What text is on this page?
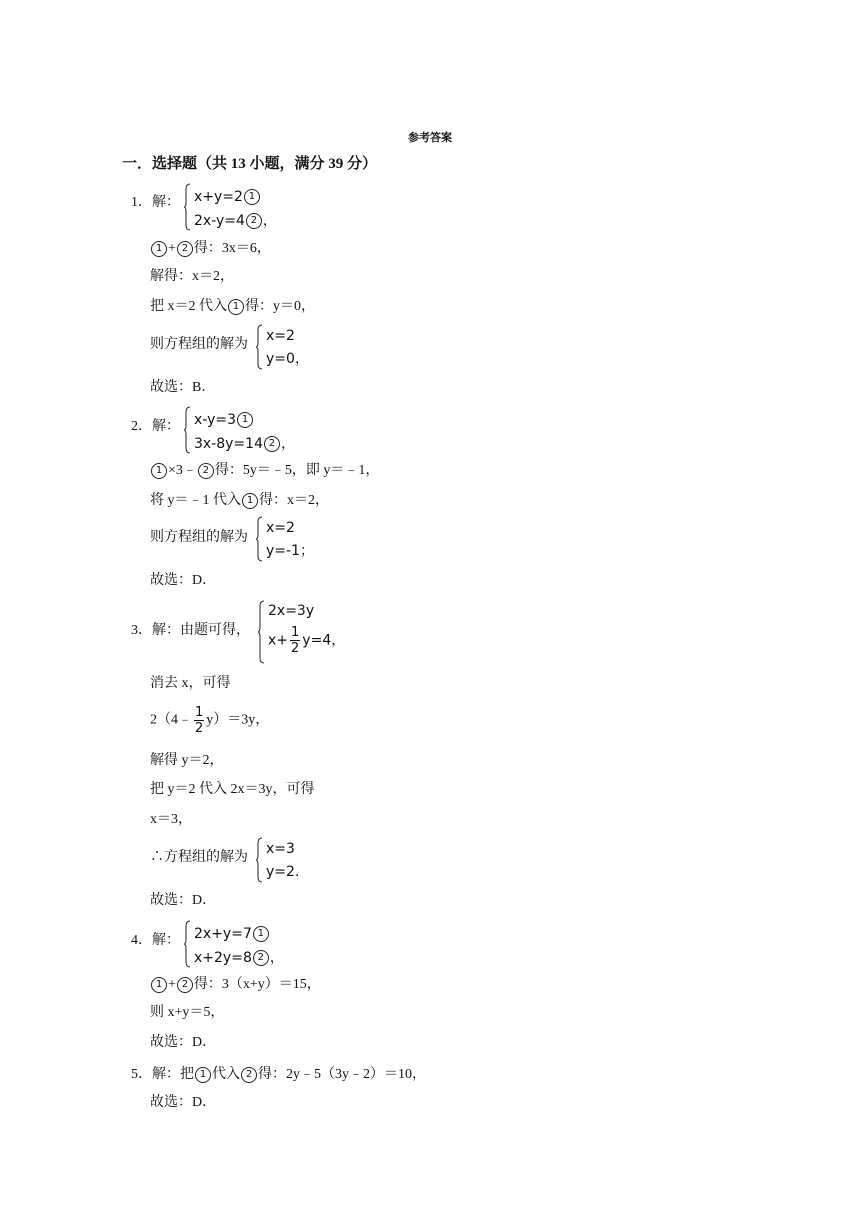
参考答案
一．选择题（共 13 小题，满分 39 分）
1．解： x+y=2 1
2x-y=4 2 ，
1 + 2 得：3x＝6，
解得：x＝2，
把 x＝2 代入 1 得：y＝0，
则方程组的解为
x=2
y=0，
故选：B．
2．解： x-y=3 1
3x-8y=14 2 ，
1 ×3﹣ 2 得：5y＝﹣5，即 y＝﹣1，
将 y＝﹣1 代入 1 得：x＝2，
则方程组的解为
x=2
y=-1；
故选：D．
3．解：由题可得，
2x=3y
$x+ \frac{1}{2} y=4$，
消去 x，可得
2（4﹣ $\frac{1}{2} y)=3y$，
解得 y＝2，
把 y＝2 代入 2x＝3y，可得
x＝3，
∴方程组的解为
x=3
y=2．
故选：D．
4．解： 2x+y=7 1
x+2y=8 2 ，
1 + 2 得：3（x+y）＝15，
则 x+y＝5，
故选：D．
5．解：把 1 代入 2 得：2y﹣5（3y﹣2）＝10，
故选：D．
